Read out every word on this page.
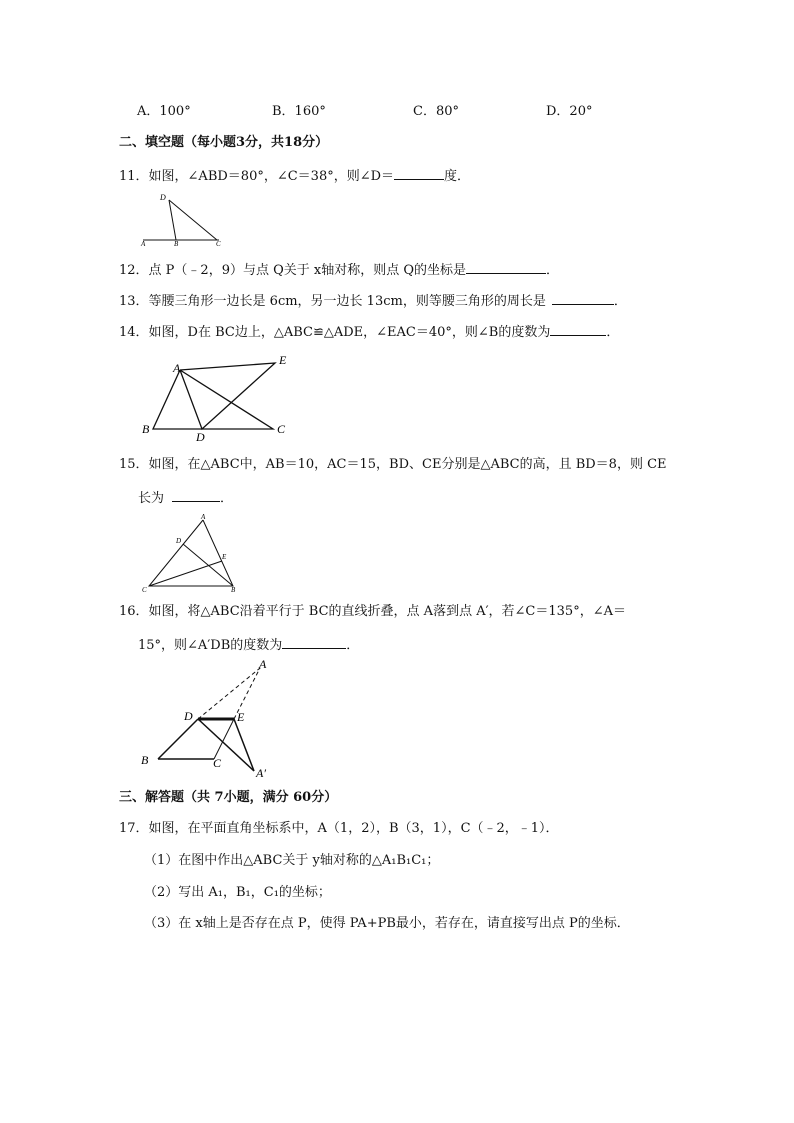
A．100°	B．160°	C．80°	D．20°
二、填空题（每小题3分，共18分）
11．如图，∠ABD＝80°，∠C＝38°，则∠D＝	度．
D
A	B	C
12．点 P（﹣2，9）与点 Q关于 x轴对称，则点 Q的坐标是	．
13．等腰三角形一边长是 6cm，另一边长 13cm，则等腰三角形的周长是	．
14．如图，D在 BC边上，△ABC≌△ADE，∠EAC＝40°，则∠B的度数为	．
A
E
B
D
C
15．如图，在△ABC中，AB＝10，AC＝15，BD、CE分别是△ABC的高，且 BD＝8，则 CE
长为	．
A
D
E
C	B
16．如图，将△ABC沿着平行于 BC的直线折叠，点 A落到点 A′，若∠C＝135°，∠A＝
15°，则∠A′DB的度数为	．
A
D	E
B	C
A′
三、解答题（共 7小题，满分 60分）
17．如图，在平面直角坐标系中，A（1，2），B（3，1），C（﹣2，﹣1）．
（1）在图中作出△ABC关于 y轴对称的△A₁B₁C₁；
（2）写出 A₁，B₁，C₁的坐标；
（3）在 x轴上是否存在点 P，使得 PA+PB最小，若存在，请直接写出点 P的坐标．
